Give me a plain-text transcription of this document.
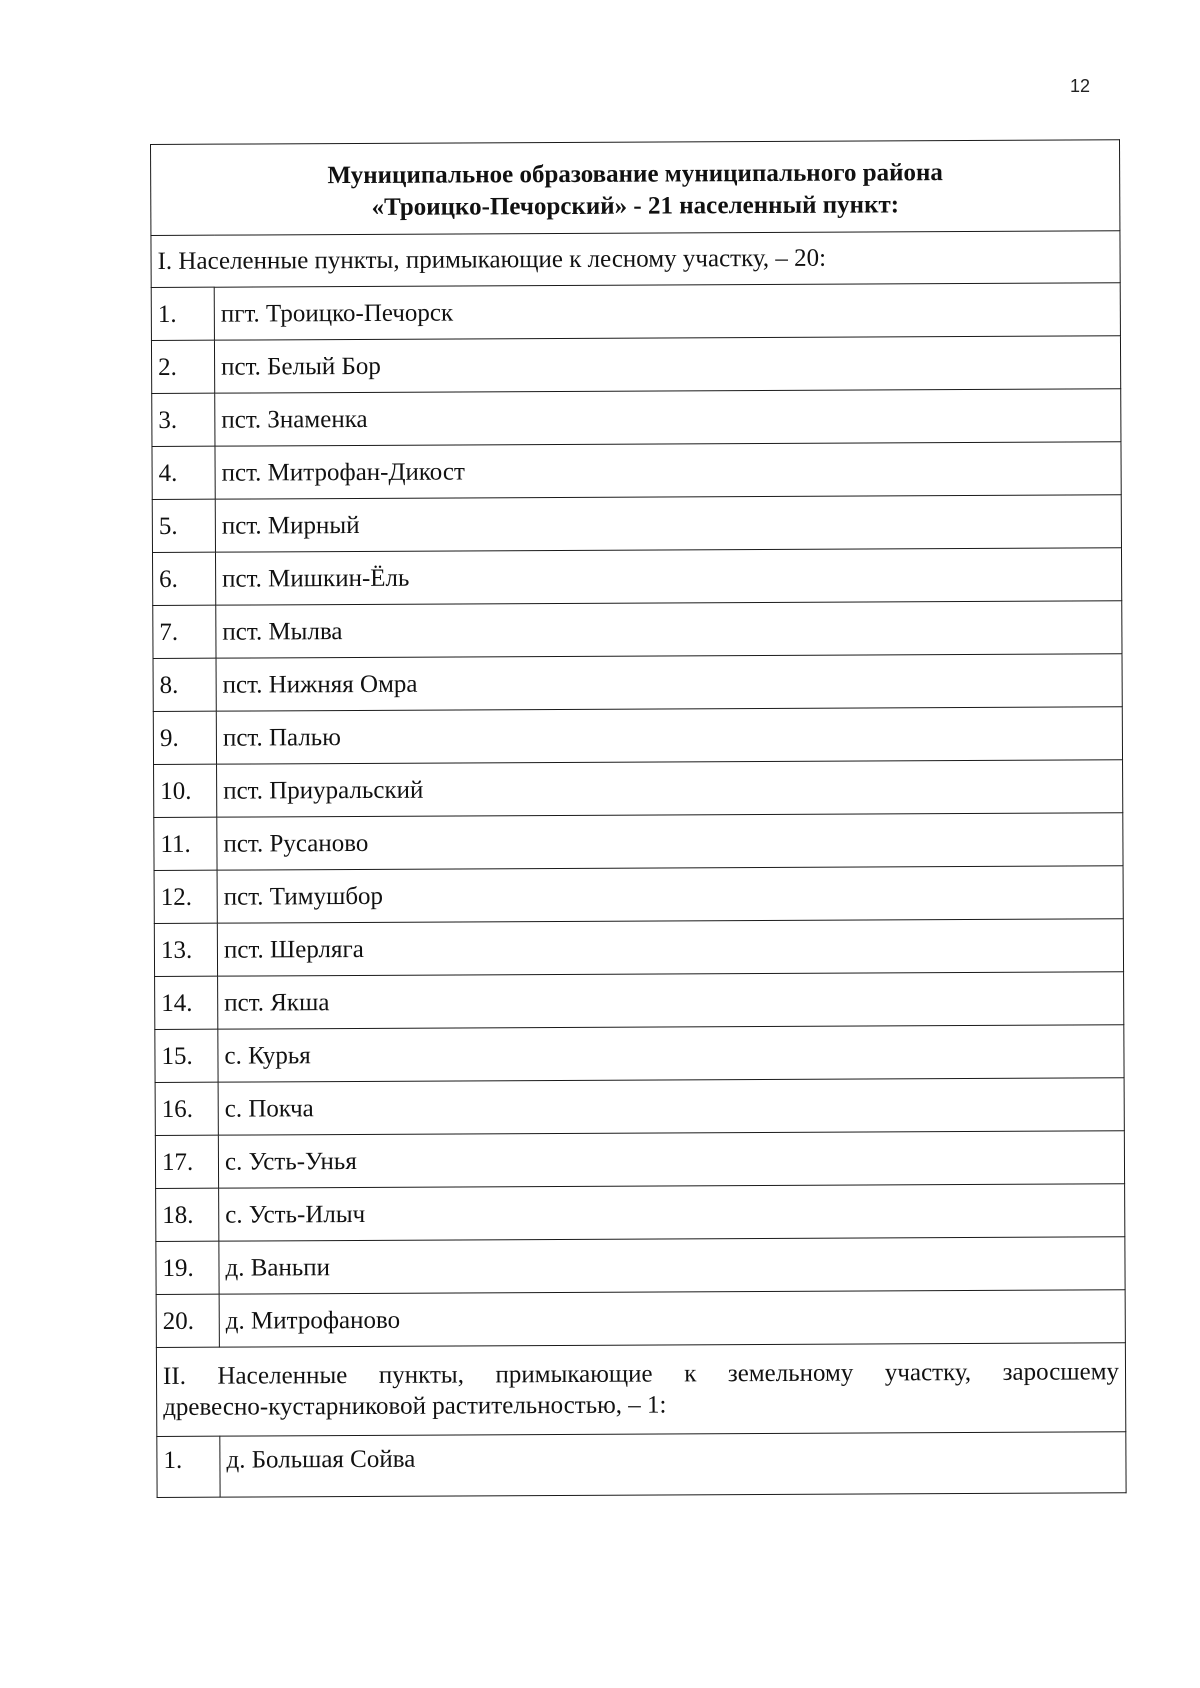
12
Муниципальное образование муниципального района
«Троицко-Печорский» - 21 населенный пункт:	

I. Населенные пункты, примыкающие к лесному участку, – 20:	
1.	пгт. Троицко-Печорск
2.	пст. Белый Бор
3.	пст. Знаменка
4.	пст. Митрофан-Дикост
5.	пст. Мирный
6.	пст. Мишкин-Ёль
7.	пст. Мылва
8.	пст. Нижняя Омра
9.	пст. Палью
10.	пст. Приуральский
11.	пст. Русаново
12.	пст. Тимушбор
13.	пст. Шерляга
14.	пст. Якша
15.	с. Курья
16.	с. Покча
17.	с. Усть-Унья
18.	с. Усть-Илыч
19.	д. Ваньпи
20.	д. Митрофаново

II. Населенные пункты, примыкающие к земельному участку, заросшему
древесно-кустарниковой растительностью, – 1:	
1.	д. Большая Сойва
